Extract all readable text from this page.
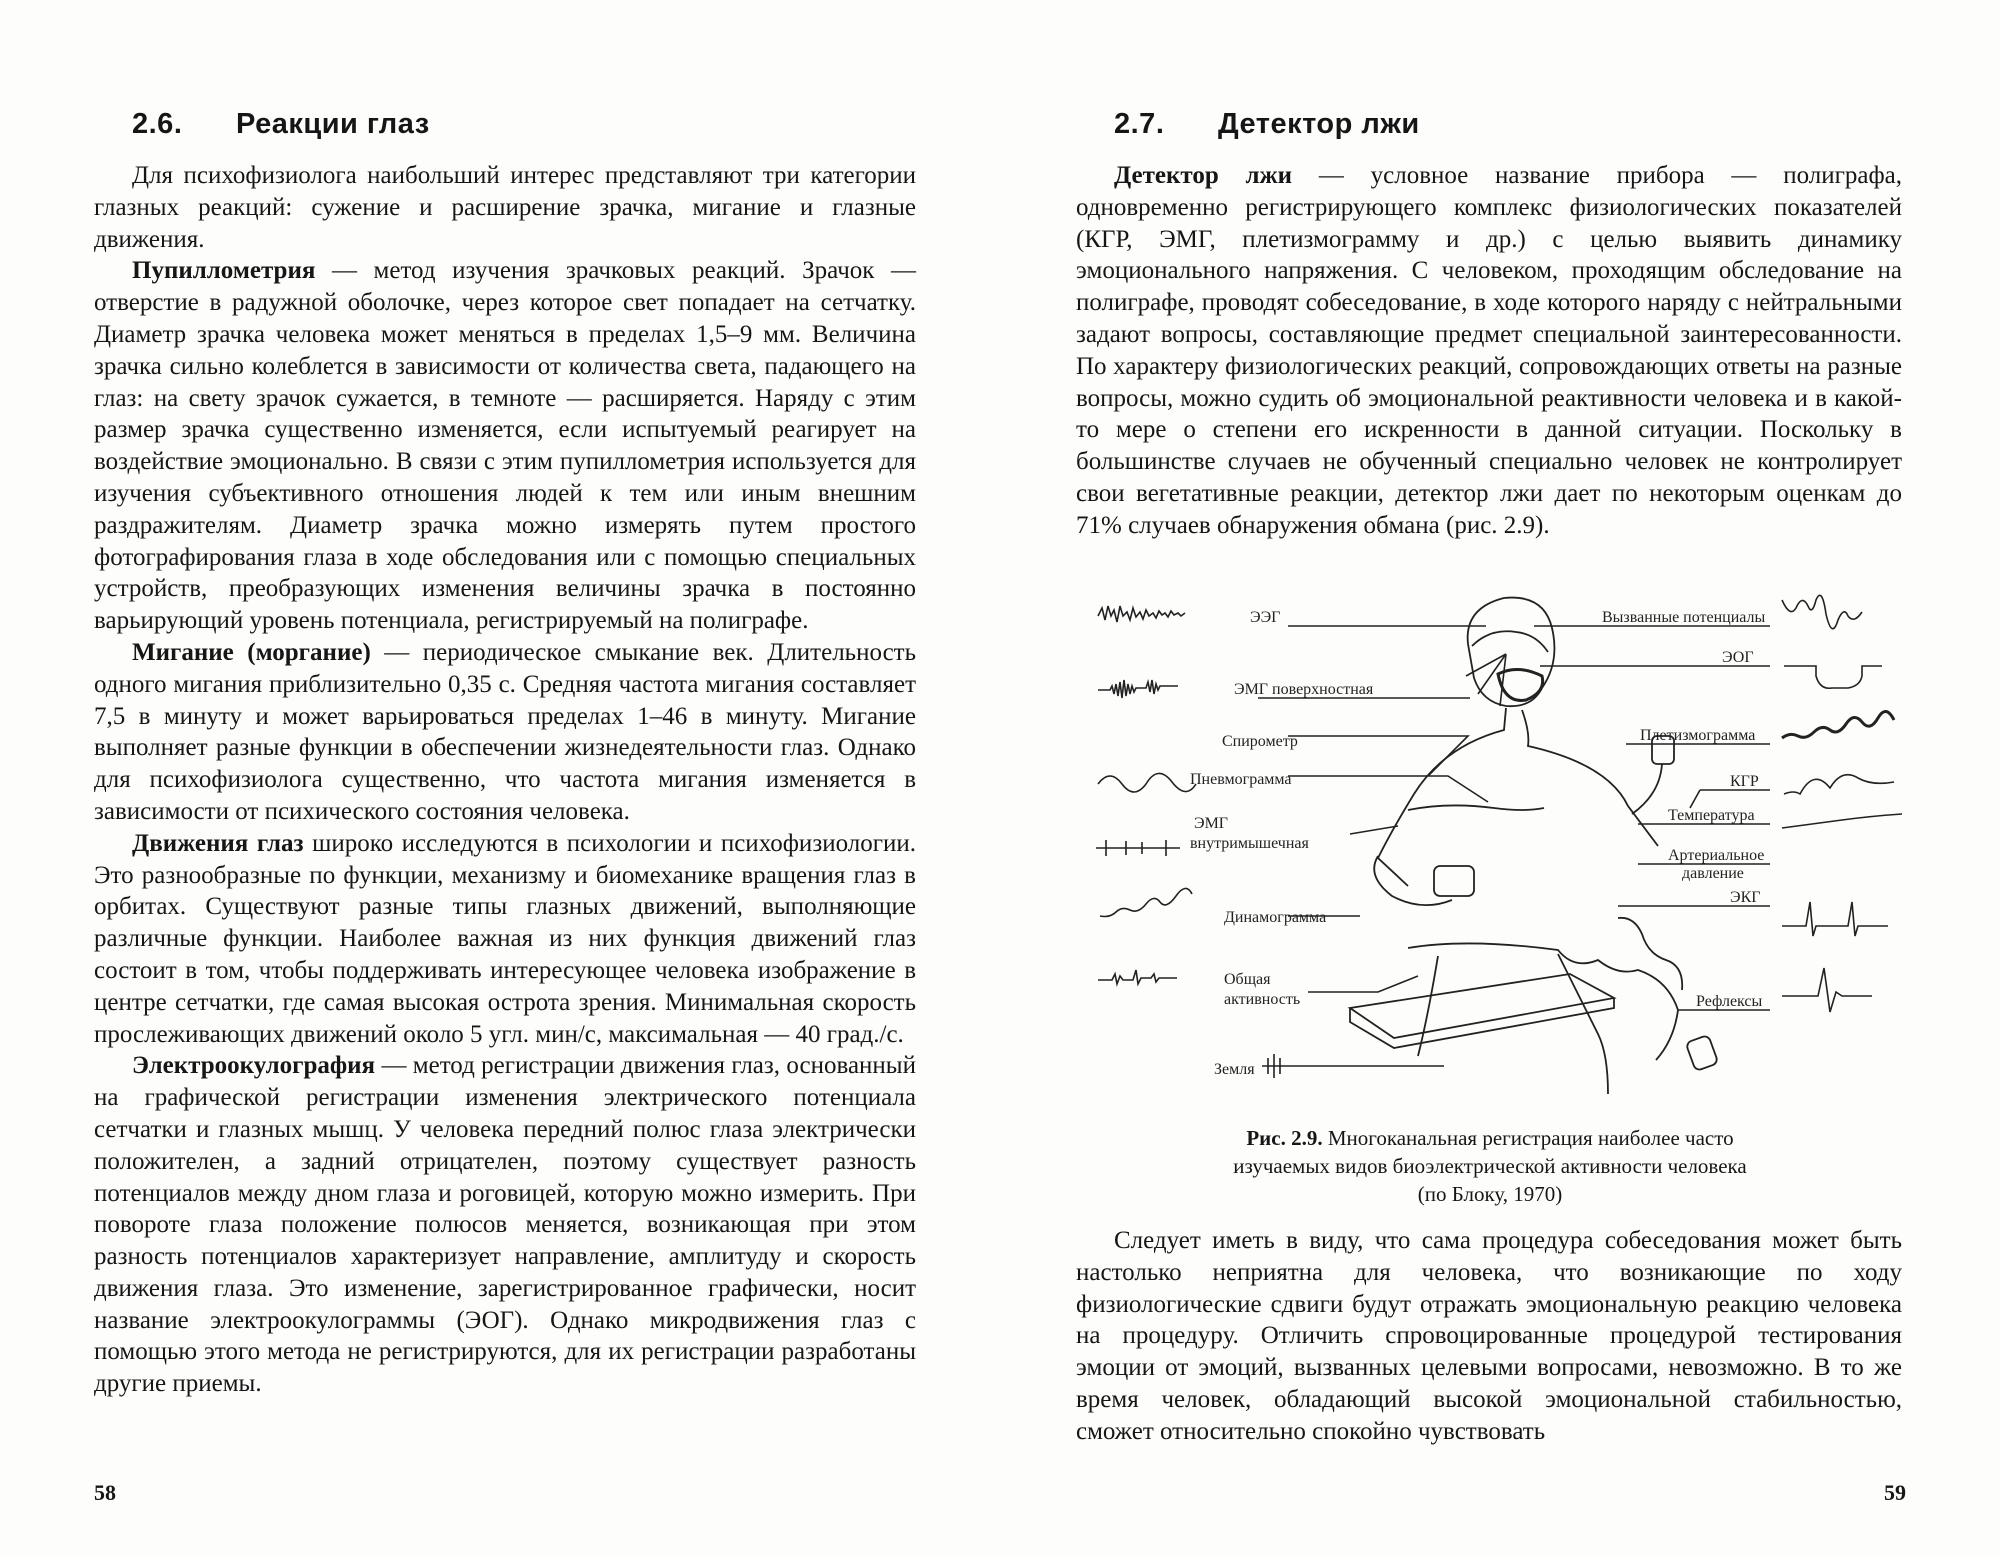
2.6. Реакции глаз

Для психофизиолога наибольший интерес представляют три категории глазных реакций: сужение и расширение зрачка, мигание и глазные движения.

Пупиллометрия — метод изучения зрачковых реакций. Зрачок — отверстие в радужной оболочке, через которое свет попадает на сетчатку. Диаметр зрачка человека может меняться в пределах 1,5–9 мм. Величина зрачка сильно колеблется в зависимости от количества света, падающего на глаз: на свету зрачок сужается, в темноте — расширяется. Наряду с этим размер зрачка существенно изменяется, если испытуемый реагирует на воздействие эмоционально. В связи с этим пупиллометрия используется для изучения субъективного отношения людей к тем или иным внешним раздражителям. Диаметр зрачка можно измерять путем простого фотографирования глаза в ходе обследования или с помощью специальных устройств, преобразующих изменения величины зрачка в постоянно варьирующий уровень потенциала, регистрируемый на полиграфе.

Мигание (моргание) — периодическое смыкание век. Длительность одного мигания приблизительно 0,35 с. Средняя частота мигания составляет 7,5 в минуту и может варьироваться пределах 1–46 в минуту. Мигание выполняет разные функции в обеспечении жизнедеятельности глаз. Однако для психофизиолога существенно, что частота мигания изменяется в зависимости от психического состояния человека.

Движения глаз широко исследуются в психологии и психофизиологии. Это разнообразные по функции, механизму и биомеханике вращения глаз в орбитах. Существуют разные типы глазных движений, выполняющие различные функции. Наиболее важная из них функция движений глаз состоит в том, чтобы поддерживать интересующее человека изображение в центре сетчатки, где самая высокая острота зрения. Минимальная скорость прослеживающих движений около 5 угл. мин/с, максимальная — 40 град./с.

Электроокулография — метод регистрации движения глаз, основанный на графической регистрации изменения электрического потенциала сетчатки и глазных мышц. У человека передний полюс глаза электрически положителен, а задний отрицателен, поэтому существует разность потенциалов между дном глаза и роговицей, которую можно измерить. При повороте глаза положение полюсов меняется, возникающая при этом разность потенциалов характеризует направление, амплитуду и скорость движения глаза. Это изменение, зарегистрированное графически, носит название электроокулограммы (ЭОГ). Однако микродвижения глаз с помощью этого метода не регистрируются, для их регистрации разработаны другие приемы.

58
2.7. Детектор лжи

Детектор лжи — условное название прибора — полиграфа, одновременно регистрирующего комплекс физиологических показателей (КГР, ЭМГ, плетизмограмму и др.) с целью выявить динамику эмоционального напряжения. С человеком, проходящим обследование на полиграфе, проводят собеседование, в ходе которого наряду с нейтральными задают вопросы, составляющие предмет специальной заинтересованности. По характеру физиологических реакций, сопровождающих ответы на разные вопросы, можно судить об эмоциональной реактивности человека и в какой-то мере о степени его искренности в данной ситуации. Поскольку в большинстве случаев не обученный специально человек не контролирует свои вегетативные реакции, детектор лжи дает по некоторым оценкам до 71% случаев обнаружения обмана (рис. 2.9).

ЭЭГ
ЭМГ поверхностная
Спирометр
Пневмограмма
ЭМГ
внутримышечная
Динамограмма
Общая
активность
Земля
Вызванные потенциалы
ЭОГ
Плетизмограмма
КГР
Температура
Артериальное
давление
ЭКГ
Рефлексы
Рис. 2.9. Многоканальная регистрация наиболее часто
изучаемых видов биоэлектрической активности человека
(по Блоку, 1970)

Следует иметь в виду, что сама процедура собеседования может быть настолько неприятна для человека, что возникающие по ходу физиологические сдвиги будут отражать эмоциональную реакцию человека на процедуру. Отличить спровоцированные процедурой тестирования эмоции от эмоций, вызванных целевыми вопросами, невозможно. В то же время человек, обладающий высокой эмоциональной стабильностью, сможет относительно спокойно чувствовать

59
